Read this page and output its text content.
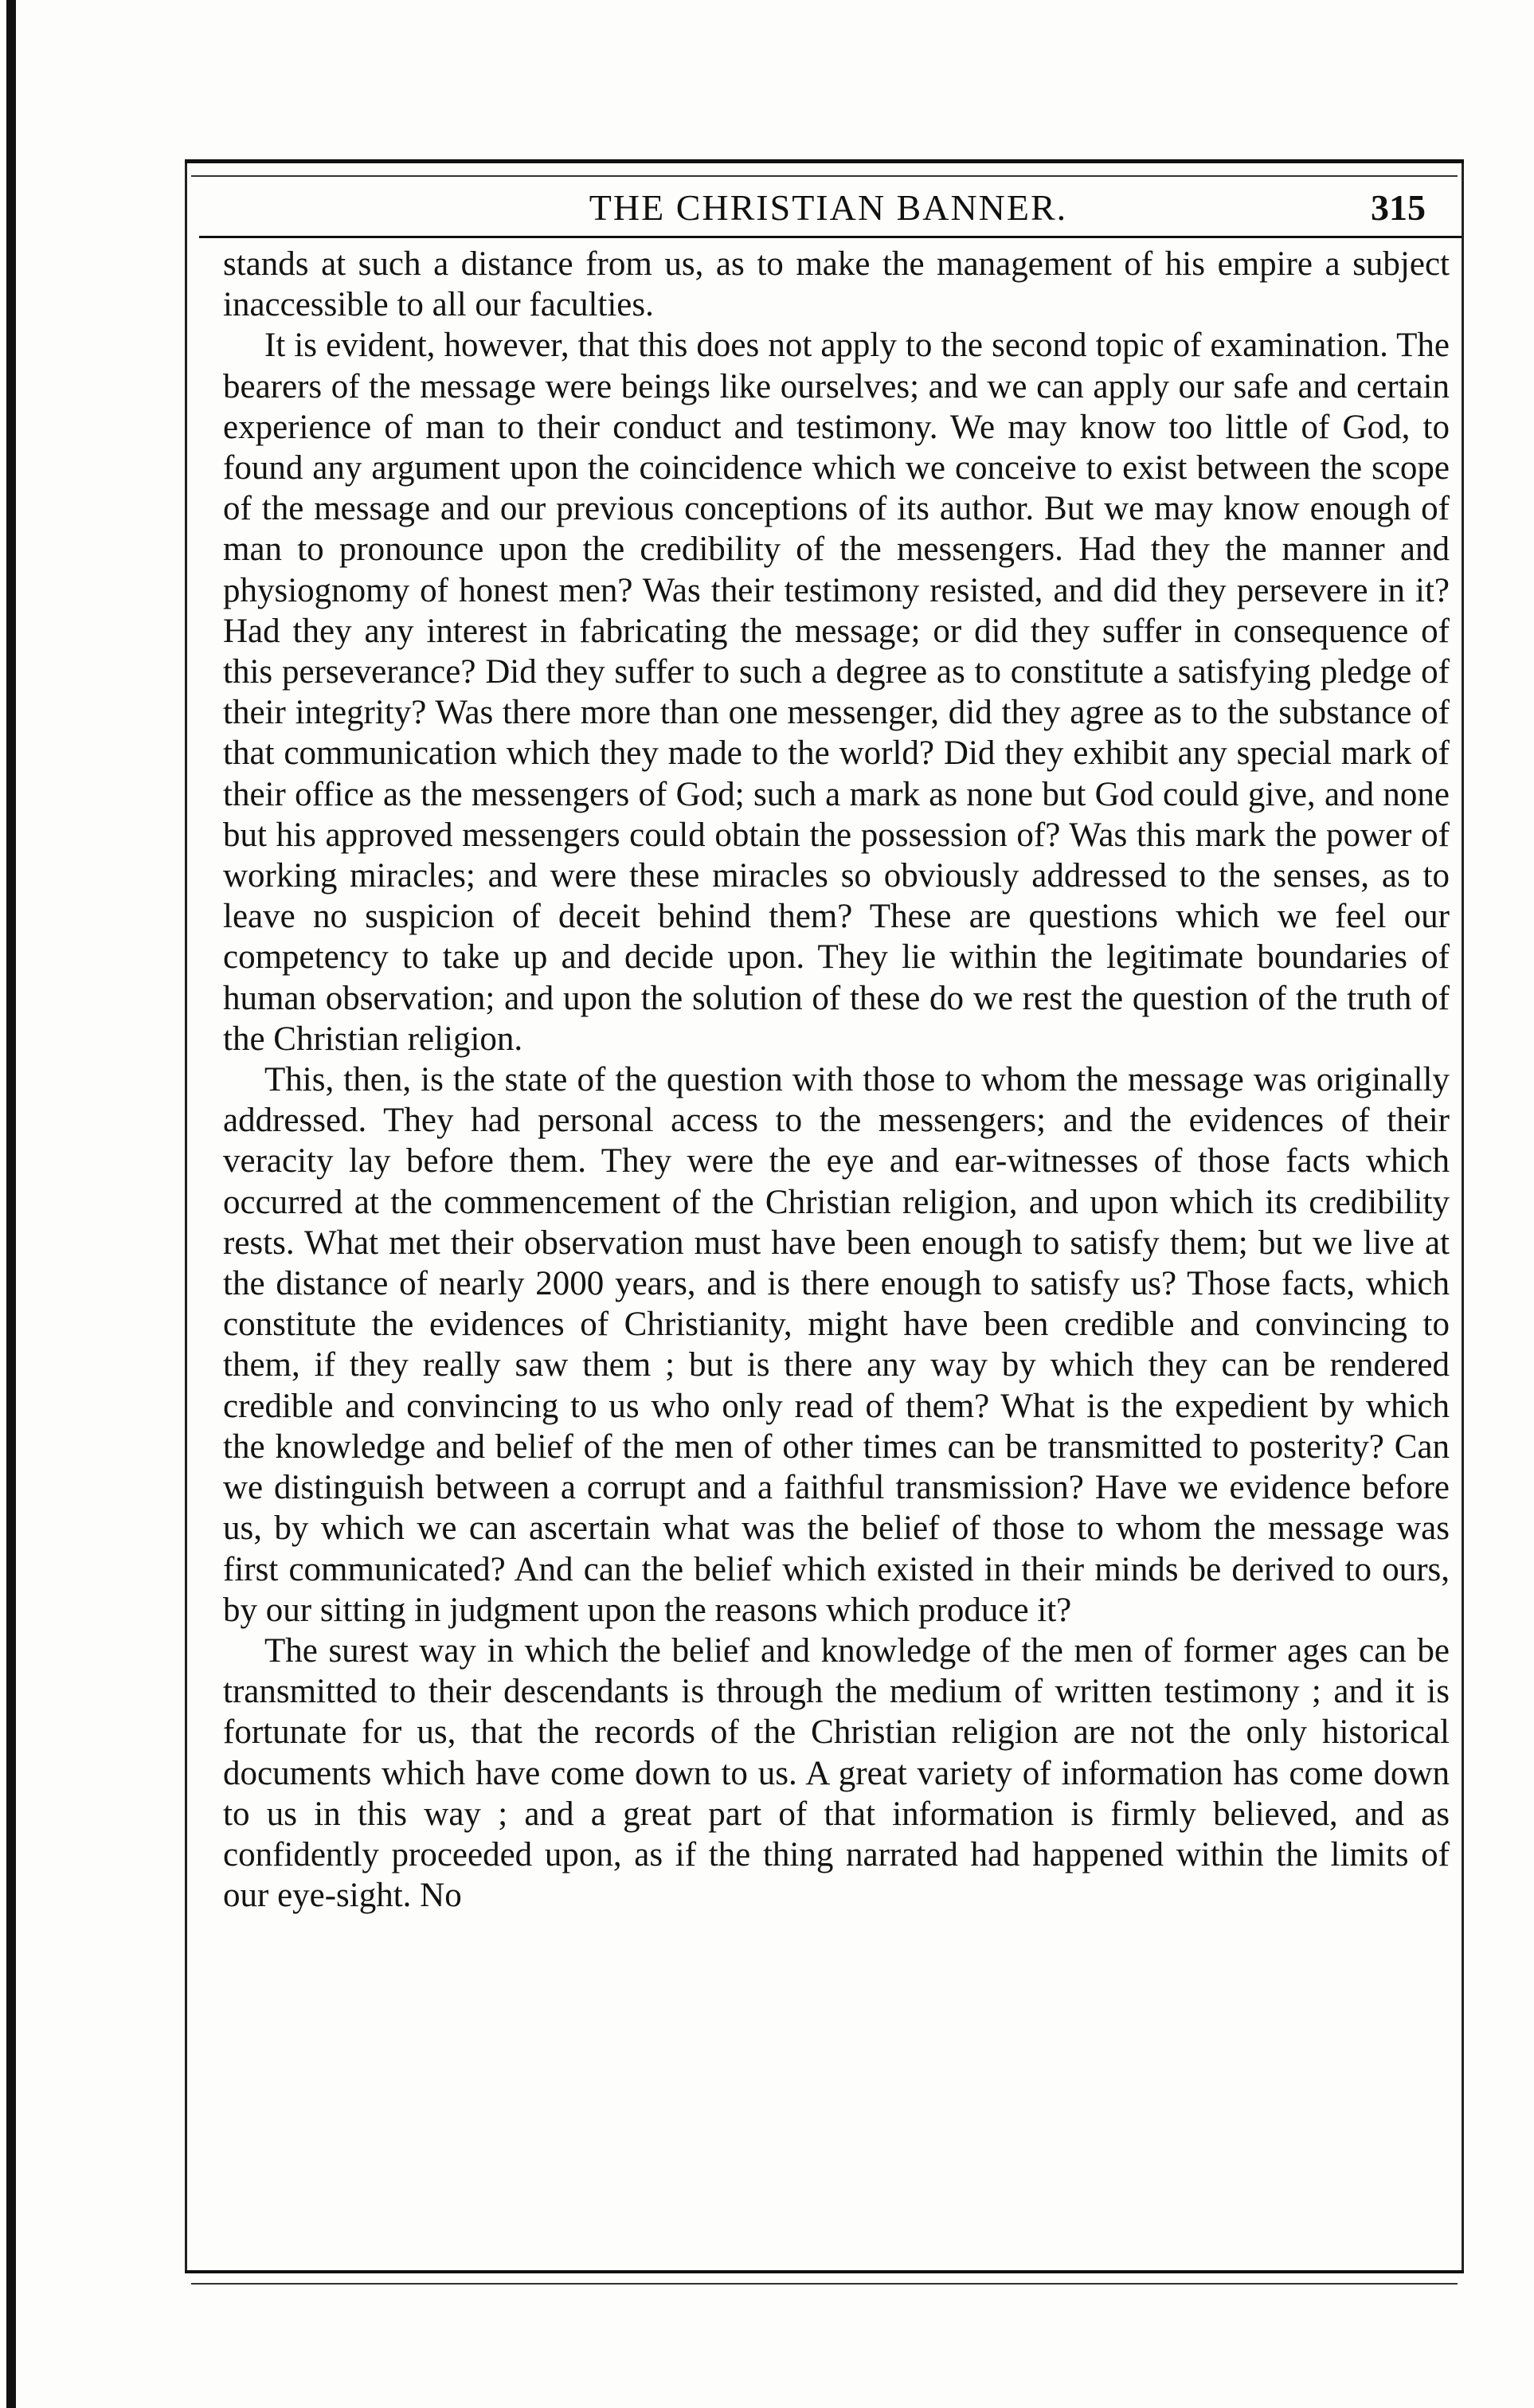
THE CHRISTIAN BANNER.	315

stands at such a distance from us, as to make the management of his empire a subject inaccessible to all our faculties.

It is evident, however, that this does not apply to the second topic of examination. The bearers of the message were beings like ourselves; and we can apply our safe and certain experience of man to their conduct and testimony. We may know too little of God, to found any argument upon the coincidence which we conceive to exist between the scope of the message and our previous conceptions of its author. But we may know enough of man to pronounce upon the credibility of the messengers. Had they the manner and physiognomy of honest men? Was their testimony resisted, and did they persevere in it? Had they any interest in fabricating the message; or did they suffer in consequence of this perseverance? Did they suffer to such a degree as to constitute a satisfying pledge of their integrity? Was there more than one messenger, did they agree as to the substance of that communication which they made to the world? Did they exhibit any special mark of their office as the messengers of God; such a mark as none but God could give, and none but his approved messengers could obtain the possession of? Was this mark the power of working miracles; and were these miracles so obviously addressed to the senses, as to leave no suspicion of deceit behind them? These are questions which we feel our competency to take up and decide upon. They lie within the legitimate boundaries of human observation; and upon the solution of these do we rest the question of the truth of the Christian religion.

This, then, is the state of the question with those to whom the message was originally addressed. They had personal access to the messengers; and the evidences of their veracity lay before them. They were the eye and ear-witnesses of those facts which occurred at the commencement of the Christian religion, and upon which its credibility rests. What met their observation must have been enough to satisfy them; but we live at the distance of nearly 2000 years, and is there enough to satisfy us? Those facts, which constitute the evidences of Christianity, might have been credible and convincing to them, if they really saw them ; but is there any way by which they can be rendered credible and convincing to us who only read of them? What is the expedient by which the knowledge and belief of the men of other times can be transmitted to posterity? Can we distinguish between a corrupt and a faithful transmission? Have we evidence before us, by which we can ascertain what was the belief of those to whom the message was first communicated? And can the belief which existed in their minds be derived to ours, by our sitting in judgment upon the reasons which produce it?

The surest way in which the belief and knowledge of the men of former ages can be transmitted to their descendants is through the medium of written testimony ; and it is fortunate for us, that the records of the Christian religion are not the only historical documents which have come down to us. A great variety of information has come down to us in this way ; and a great part of that information is firmly believed, and as confidently proceeded upon, as if the thing narrated had happened within the limits of our eye-sight. No
